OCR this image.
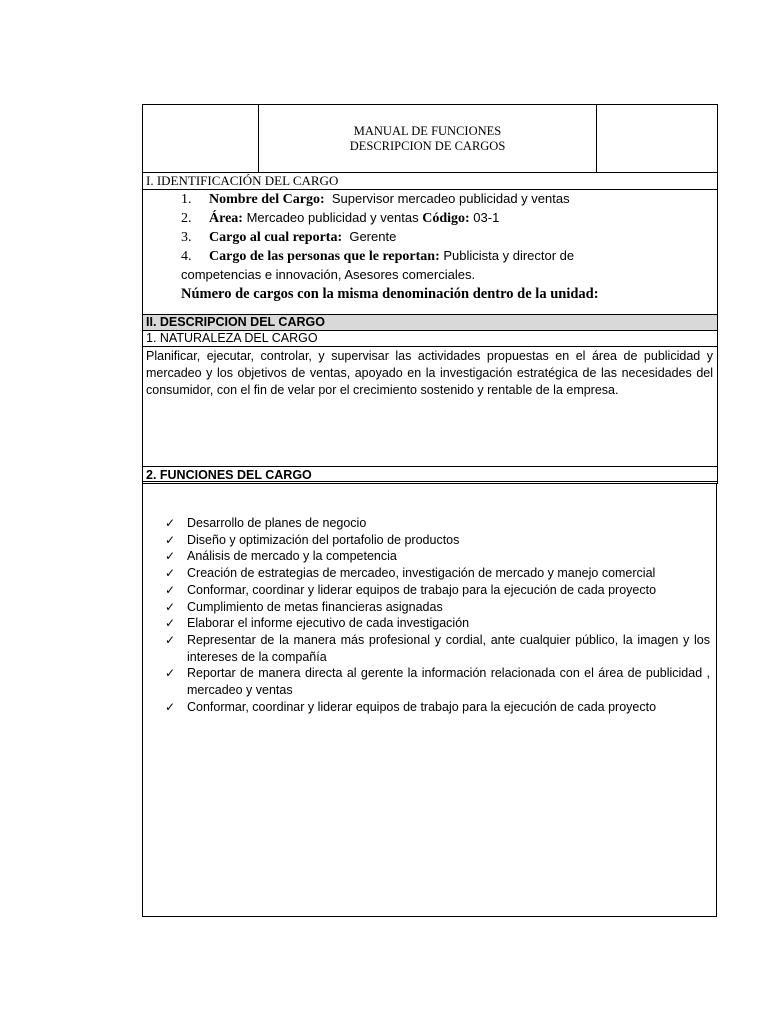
MANUAL DE FUNCIONES
DESCRIPCION DE CARGOS
I. IDENTIFICACIÓN DEL CARGO
1. Nombre del Cargo: Supervisor mercadeo publicidad y ventas
2. Área: Mercadeo publicidad y ventas Código: 03-1
3. Cargo al cual reporta: Gerente
4. Cargo de las personas que le reportan: Publicista y director de
competencias e innovación, Asesores comerciales.
Número de cargos con la misma denominación dentro de la unidad:
II. DESCRIPCION DEL CARGO
1. NATURALEZA DEL CARGO
Planificar, ejecutar, controlar, y supervisar las actividades propuestas en el área de publicidad y mercadeo y los objetivos de ventas, apoyado en la investigación estratégica de las necesidades del consumidor, con el fin de velar por el crecimiento sostenido y rentable de la empresa.
2. FUNCIONES DEL CARGO
✓ Desarrollo de planes de negocio
✓ Diseño y optimización del portafolio de productos
✓ Análisis de mercado y la competencia
✓ Creación de estrategias de mercadeo, investigación de mercado y manejo comercial
✓ Conformar, coordinar y liderar equipos de trabajo para la ejecución de cada proyecto
✓ Cumplimiento de metas financieras asignadas
✓ Elaborar el informe ejecutivo de cada investigación
✓ Representar de la manera más profesional y cordial, ante cualquier público, la imagen y los intereses de la compañía
✓ Reportar de manera directa al gerente la información relacionada con el área de publicidad , mercadeo y ventas
✓ Conformar, coordinar y liderar equipos de trabajo para la ejecución de cada proyecto
